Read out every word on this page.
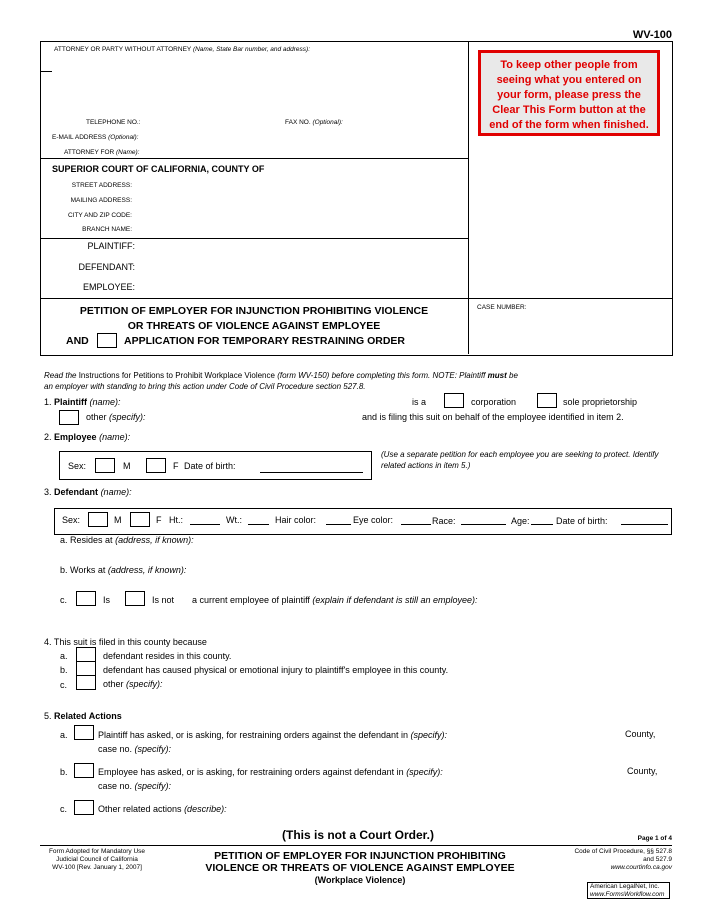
WV-100
ATTORNEY OR PARTY WITHOUT ATTORNEY (Name, State Bar number, and address):
TELEPHONE NO.:	FAX NO. (Optional):
E-MAIL ADDRESS (Optional):
ATTORNEY FOR (Name):
SUPERIOR COURT OF CALIFORNIA, COUNTY OF
STREET ADDRESS:
MAILING ADDRESS:
CITY AND ZIP CODE:
BRANCH NAME:
PLAINTIFF:
DEFENDANT:
EMPLOYEE:
CASE NUMBER:
To keep other people from
seeing what you entered on
your form, please press the
Clear This Form button at the
end of the form when finished.
PETITION OF EMPLOYER FOR INJUNCTION PROHIBITING VIOLENCE
OR THREATS OF VIOLENCE AGAINST EMPLOYEE
AND	APPLICATION FOR TEMPORARY RESTRAINING ORDER
Read the Instructions for Petitions to Prohibit Workplace Violence (form WV-150) before completing this form. NOTE: Plaintiff must be
an employer with standing to bring this action under Code of Civil Procedure section 527.8.
1. Plaintiff (name):	is a	corporation	sole proprietorship
other (specify):	and is filing this suit on behalf of the employee identified in item 2.
2. Employee (name):
Sex:	M	F Date of birth:
(Use a separate petition for each employee you are seeking to protect. Identify related actions in item 5.)
3. Defendant (name):
Sex:	M	F Ht.:	Wt.:	Hair color:	Eye color:	Race:	Age:	Date of birth:
a. Resides at (address, if known):
b. Works at (address, if known):
c.	Is	Is not a current employee of plaintiff (explain if defendant is still an employee):
4. This suit is filed in this county because
a.	defendant resides in this county.
b.	defendant has caused physical or emotional injury to plaintiff's employee in this county.
c.	other (specify):
5. Related Actions
a.	Plaintiff has asked, or is asking, for restraining orders against the defendant in (specify):	County,
case no. (specify):
b.	Employee has asked, or is asking, for restraining orders against defendant in (specify):	County,
case no. (specify):
c.	Other related actions (describe):
(This is not a Court Order.)	Page 1 of 4
Form Adopted for Mandatory Use
Judicial Council of California
WV-100 [Rev. January 1, 2007]
PETITION OF EMPLOYER FOR INJUNCTION PROHIBITING
VIOLENCE OR THREATS OF VIOLENCE AGAINST EMPLOYEE
(Workplace Violence)
Code of Civil Procedure, §§ 527.8
and 527.9
www.courtinfo.ca.gov
American LegalNet, Inc.
www.FormsWorkflow.com
